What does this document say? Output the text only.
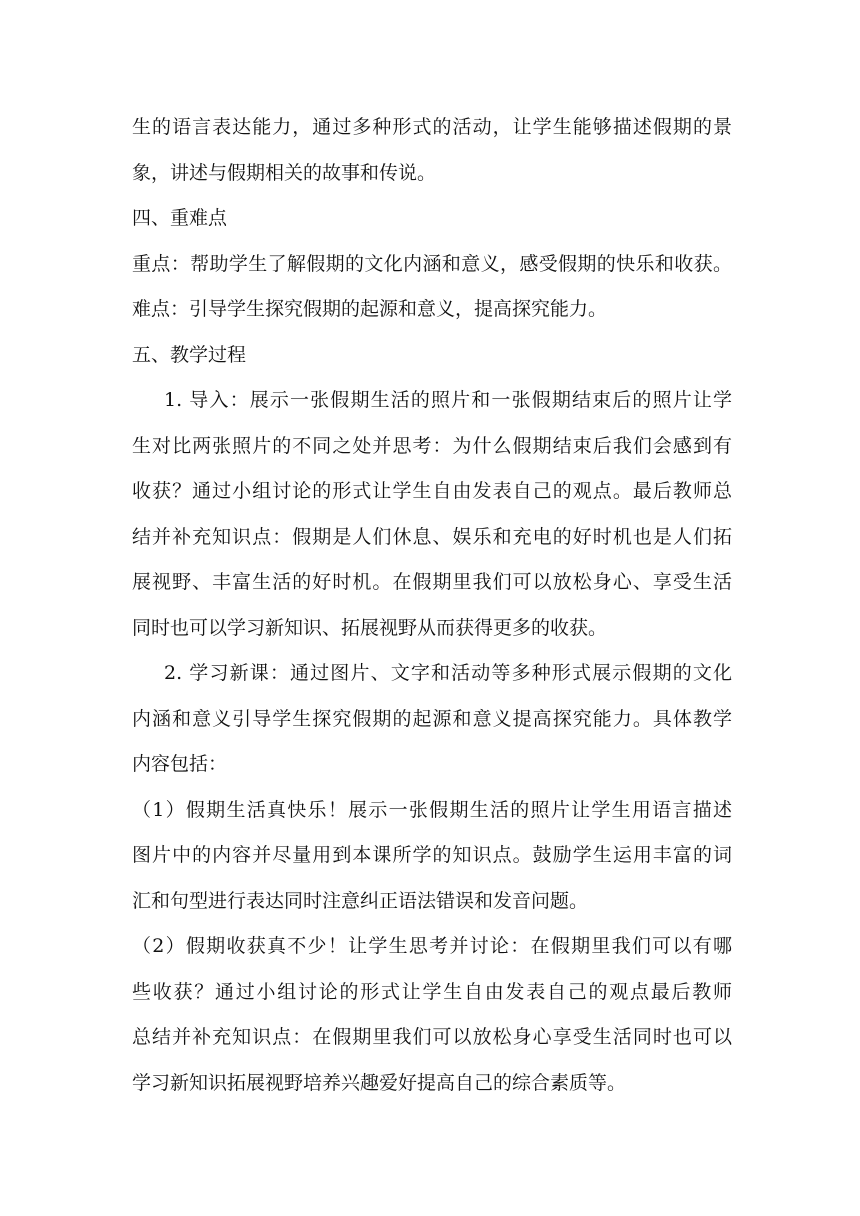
生的语言表达能力，通过多种形式的活动，让学生能够描述假期的景
象，讲述与假期相关的故事和传说。
四、重难点
重点：帮助学生了解假期的文化内涵和意义，感受假期的快乐和收获。
难点：引导学生探究假期的起源和意义，提高探究能力。
五、教学过程
1. 导入：展示一张假期生活的照片和一张假期结束后的照片让学
生对比两张照片的不同之处并思考：为什么假期结束后我们会感到有
收获？通过小组讨论的形式让学生自由发表自己的观点。最后教师总
结并补充知识点：假期是人们休息、娱乐和充电的好时机也是人们拓
展视野、丰富生活的好时机。在假期里我们可以放松身心、享受生活
同时也可以学习新知识、拓展视野从而获得更多的收获。
2. 学习新课：通过图片、文字和活动等多种形式展示假期的文化
内涵和意义引导学生探究假期的起源和意义提高探究能力。具体教学
内容包括：
（1）假期生活真快乐！展示一张假期生活的照片让学生用语言描述
图片中的内容并尽量用到本课所学的知识点。鼓励学生运用丰富的词
汇和句型进行表达同时注意纠正语法错误和发音问题。
（2）假期收获真不少！让学生思考并讨论：在假期里我们可以有哪
些收获？通过小组讨论的形式让学生自由发表自己的观点最后教师
总结并补充知识点：在假期里我们可以放松身心享受生活同时也可以
学习新知识拓展视野培养兴趣爱好提高自己的综合素质等。
